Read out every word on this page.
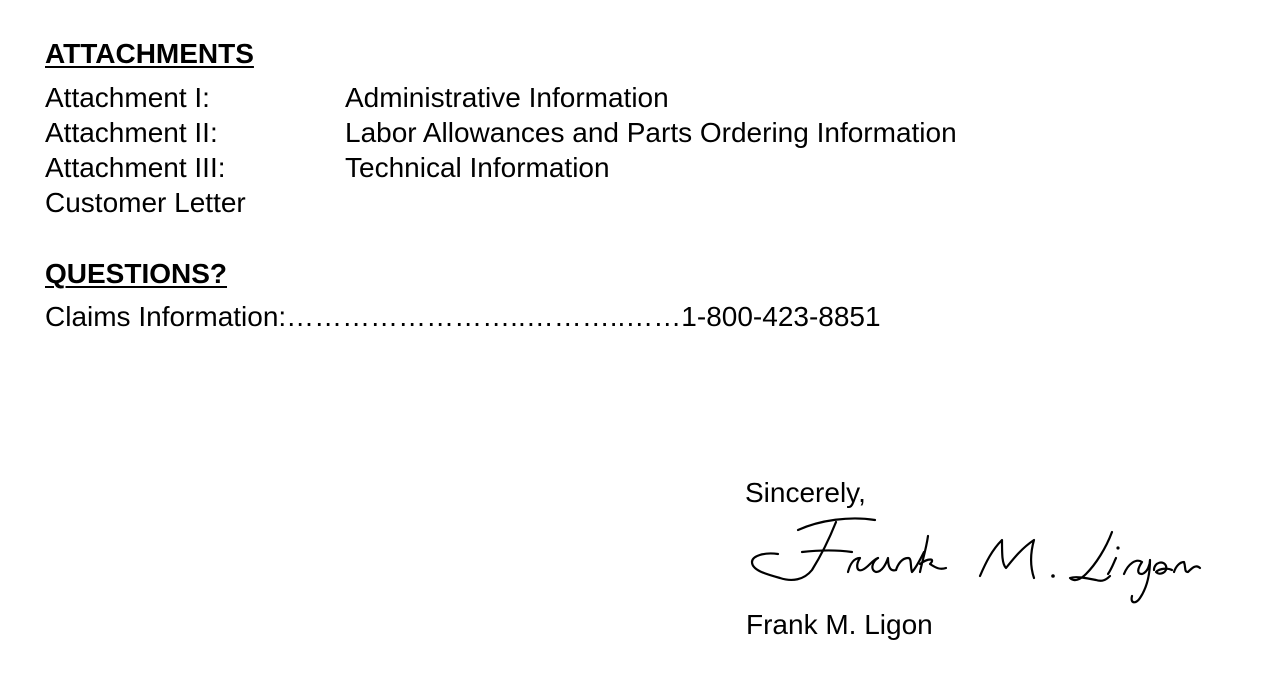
ATTACHMENTS
Attachment I:	Administrative Information
Attachment II:	Labor Allowances and Parts Ordering Information
Attachment III:	Technical Information
Customer Letter
QUESTIONS?
Claims Information:……………………..………..……1-800-423-8851
Sincerely,
Frank M. Ligon
